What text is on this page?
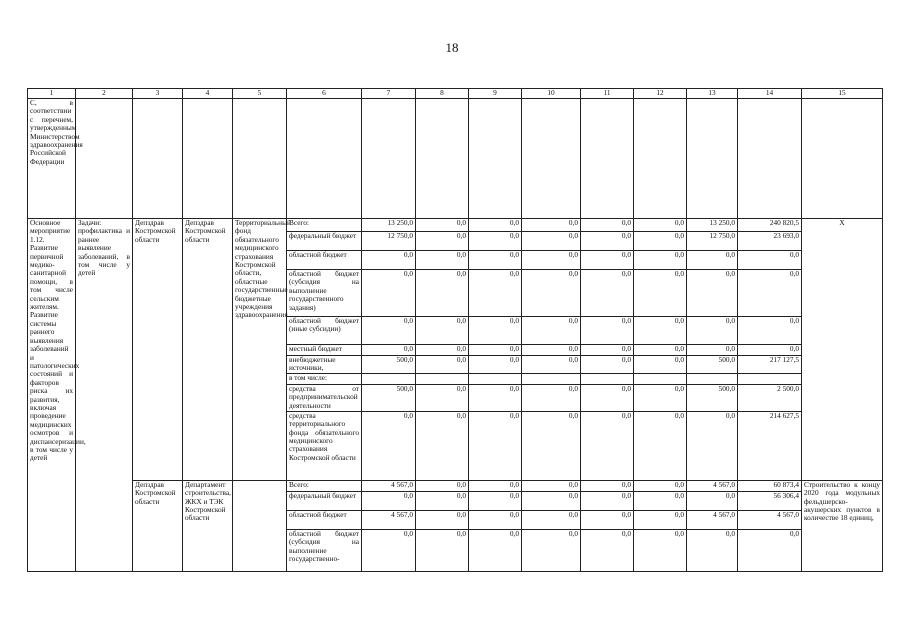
18
1	2	3	4	5	6	7	8	9	10	11	12	13	14	15
С, в соответствии с перечнем, утвержденным Министерством здравоохранения Российской Федерации														
Основное мероприятие 1.12. Развитие первичной медико-санитарной помощи, в том числе сельским жителям. Развитие системы раннего выявления заболеваний и патологических состояний и факторов риска их развития, включая проведение медицинских осмотров и диспансеризации, в том числе у детей	Задачи: профилактика и раннее выявление заболеваний, в том числе у детей	Депздрав Костромской области	Депздрав Костромской области	Территориальный фонд обязательного медицинского страхования Костромской области, областные государственные бюджетные учреждения здравоохранения	Всего:	13 250,0	0,0	0,0	0,0	0,0	0,0	13 250,0	240 820,5	Х
					федеральный бюджет	12 750,0	0,0	0,0	0,0	0,0	0,0	12 750,0	23 693,0	
					областной бюджет	0,0	0,0	0,0	0,0	0,0	0,0	0,0	0,0	
					областной бюджет (субсидия на выполнение государственного задания)	0,0	0,0	0,0	0,0	0,0	0,0	0,0	0,0	
					областной бюджет (иные субсидии)	0,0	0,0	0,0	0,0	0,0	0,0	0,0	0,0	
					местный бюджет	0,0	0,0	0,0	0,0	0,0	0,0	0,0	0,0	
					внебюджетные источники,	500,0	0,0	0,0	0,0	0,0	0,0	500,0	217 127,5	
					в том числе:									
					средства от предпринимательской деятельности	500,0	0,0	0,0	0,0	0,0	0,0	500,0	2 500,0	
					средства территориального фонда обязательного медицинского страхования Костромской области	0,0	0,0	0,0	0,0	0,0	0,0	0,0	214 627,5	
		Депздрав Костромской области	Департамент строительства, ЖКХ и ТЭК Костромской области		Всего:	4 567,0	0,0	0,0	0,0	0,0	0,0	4 567,0	60 873,4	Строительство к концу 2020 года модульных фельдшерско-акушерских пунктов в количестве 18 единиц,
					федеральный бюджет	0,0	0,0	0,0	0,0	0,0	0,0	0,0	56 306,4	
					областной бюджет	4 567,0	0,0	0,0	0,0	0,0	0,0	4 567,0	4 567,0	
					областной бюджет (субсидия на выполнение государственно-	0,0	0,0	0,0	0,0	0,0	0,0	0,0	0,0	
